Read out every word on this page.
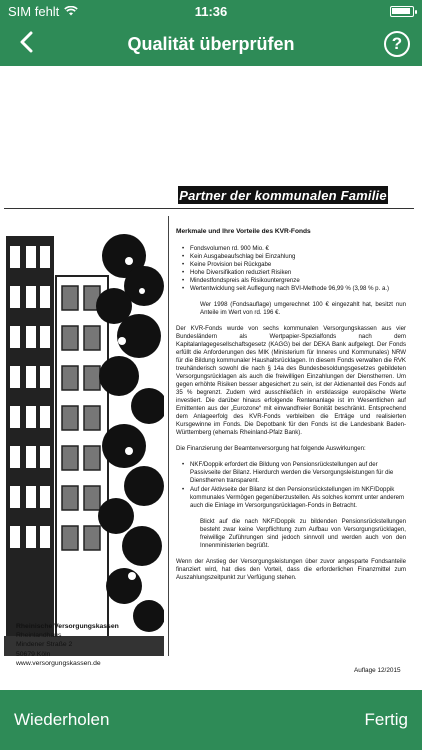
SIM fehlt	11:36
Qualität überprüfen	?
Partner der kommunalen Familie
Merkmale und Ihre Vorteile des KVR-Fonds
• Fondsvolumen rd. 900 Mio. €
• Kein Ausgabeaufschlag bei Einzahlung
• Keine Provision bei Rückgabe
• Hohe Diversifikation reduziert Risiken
• Mindestfondspreis als Risikountergrenze
• Wertentwicklung seit Auflegung nach BVI-Methode 96,99 % (3,98 % p. a.)
Wer 1998 (Fondsauflage) umgerechnet 100 € eingezahlt hat, besitzt nun Anteile im Wert von rd. 196 €.
Der KVR-Fonds wurde von sechs kommunalen Versorgungskassen aus vier Bundesländern als Wertpapier-Spezialfonds nach dem Kapitalanlagegesellschaftsgesetz (KAGG) bei der DEKA Bank aufgelegt. Der Fonds erfüllt die Anforderungen des MIK (Ministerium für Inneres und Kommunales) NRW für die Bildung kommunaler Haushaltsrücklagen. In diesem Fonds verwalten die RVK treuhänderisch sowohl die nach § 14a des Bundesbesoldungsgesetzes gebildeten Versorgungsrücklagen als auch die freiwilligen Einzahlungen der Dienstherren. Um gegen erhöhte Risiken besser abgesichert zu sein, ist der Aktienanteil des Fonds auf 35 % begrenzt. Zudem wird ausschließlich in erstklassige europäische Werte investiert. Die darüber hinaus erfolgende Rentenanlage ist im Wesentlichen auf Emittenten aus der „Eurozone“ mit einwandfreier Bonität beschränkt. Entsprechend dem Anlageerfolg des KVR-Fonds verbleiben die Erträge und realisierten Kursgewinne im Fonds. Die Depotbank für den Fonds ist die Landesbank Baden-Württemberg (ehemals Rheinland-Pfalz Bank).
Die Finanzierung der Beamtenversorgung hat folgende Auswirkungen:
• NKF/Doppik erfordert die Bildung von Pensionsrückstellungen auf der Passivseite der Bilanz. Hierdurch werden die Versorgungsleistungen für die Dienstherren transparent.
• Auf der Aktivseite der Bilanz ist den Pensionsrückstellungen im NKF/Doppik kommunales Vermögen gegenüberzustellen. Als solches kommt unter anderem auch die Einlage im Versorgungsrücklagen-Fonds in Betracht.
Blickt auf die nach NKF/Doppik zu bildenden Pensionsrückstellungen besteht zwar keine Verpflichtung zum Aufbau von Versorgungsrücklagen, freiwillige Zuführungen sind jedoch sinnvoll und werden auch von den Innenministerien begrüßt.
Wenn der Anstieg der Versorgungsleistungen über zuvor angesparte Fondsanteile finanziert wird, hat dies den Vorteil, dass die erforderlichen Finanzmittel zum Auszahlungszeitpunkt zur Verfügung stehen.
Rheinische Versorgungskassen
Rheinlandhaus
Mindener Straße 2
50679 Köln
www.versorgungskassen.de
Auflage 12/2015
Wiederholen	Fertig
